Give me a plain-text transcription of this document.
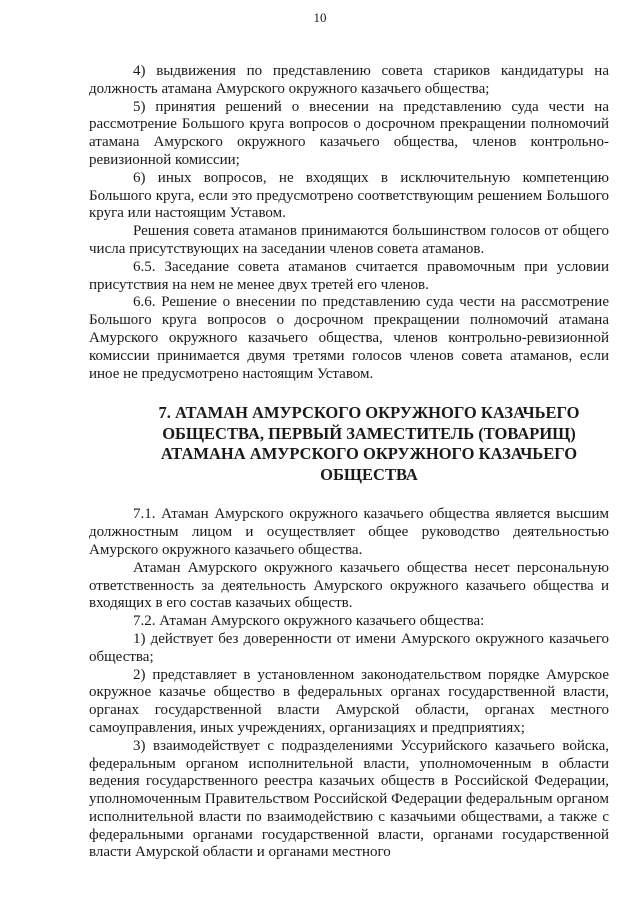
10

4) выдвижения по представлению совета стариков кандидатуры на должность атамана Амурского окружного казачьего общества;

5) принятия решений о внесении на представлению суда чести на рассмотрение Большого круга вопросов о досрочном прекращении полномочий атамана Амурского окружного казачьего общества, членов контрольно-ревизионной комиссии;

6) иных вопросов, не входящих в исключительную компетенцию Большого круга, если это предусмотрено соответствующим решением Большого круга или настоящим Уставом.

Решения совета атаманов принимаются большинством голосов от общего числа присутствующих на заседании членов совета атаманов.

6.5. Заседание совета атаманов считается правомочным при условии присутствия на нем не менее двух третей его членов.

6.6. Решение о внесении по представлению суда чести на рассмотрение Большого круга вопросов о досрочном прекращении полномочий атамана Амурского окружного казачьего общества, членов контрольно-ревизионной комиссии принимается двумя третями голосов членов совета атаманов, если иное не предусмотрено настоящим Уставом.

7. АТАМАН АМУРСКОГО ОКРУЖНОГО КАЗАЧЬЕГО ОБЩЕСТВА, ПЕРВЫЙ ЗАМЕСТИТЕЛЬ (ТОВАРИЩ) АТАМАНА АМУРСКОГО ОКРУЖНОГО КАЗАЧЬЕГО ОБЩЕСТВА

7.1. Атаман Амурского окружного казачьего общества является высшим должностным лицом и осуществляет общее руководство деятельностью Амурского окружного казачьего общества.

Атаман Амурского окружного казачьего общества несет персональную ответственность за деятельность Амурского окружного казачьего общества и входящих в его состав казачьих обществ.

7.2. Атаман Амурского окружного казачьего общества:

1) действует без доверенности от имени Амурского окружного казачьего общества;

2) представляет в установленном законодательством порядке Амурское окружное казачье общество в федеральных органах государственной власти, органах государственной власти Амурской области, органах местного самоуправления, иных учреждениях, организациях и предприятиях;

3) взаимодействует с подразделениями Уссурийского казачьего войска, федеральным органом исполнительной власти, уполномоченным в области ведения государственного реестра казачьих обществ в Российской Федерации, уполномоченным Правительством Российской Федерации федеральным органом исполнительной власти по взаимодействию с казачьими обществами, а также с федеральными органами государственной власти, органами государственной власти Амурской области и органами местного
